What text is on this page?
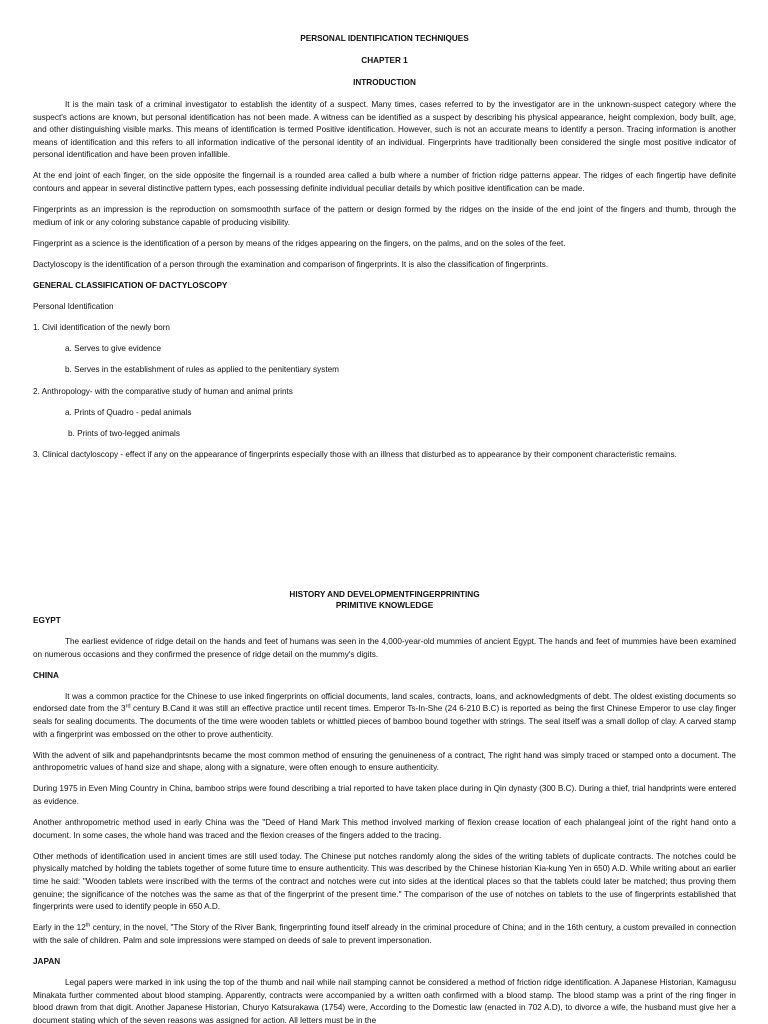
PERSONAL IDENTIFICATION TECHNIQUES
CHAPTER 1
INTRODUCTION

It is the main task of a criminal investigator to establish the identity of a suspect. Many times, cases referred to by the investigator are in the unknown-suspect category where the suspect's actions are known, but personal identification has not been made. A witness can be identified as a suspect by describing his physical appearance, height complexion, body built, age, and other distinguishing visible marks. This means of identification is termed Positive identification. However, such is not an accurate means to identify a person. Tracing information is another means of identification and this refers to all information indicative of the personal identity of an individual. Fingerprints have traditionally been considered the single most positive indicator of personal identification and have been proven infallible.

At the end joint of each finger, on the side opposite the fingernail is a rounded area called a bulb where a number of friction ridge patterns appear. The ridges of each fingertip have definite contours and appear in several distinctive pattern types, each possessing definite individual peculiar details by which positive identification can be made.

Fingerprints as an impression is the reproduction on somsmoothth surface of the pattern or design formed by the ridges on the inside of the end joint of the fingers and thumb, through the medium of ink or any coloring substance capable of producing visibility.

Fingerprint as a science is the identification of a person by means of the ridges appearing on the fingers, on the palms, and on the soles of the feet.

Dactyloscopy is the identification of a person through the examination and comparison of fingerprints. It is also the classification of fingerprints.

GENERAL CLASSIFICATION OF DACTYLOSCOPY

Personal Identification

1. Civil identification of the newly born

a. Serves to give evidence

b. Serves in the establishment of rules as applied to the penitentiary system

2. Anthropology- with the comparative study of human and animal prints

a. Prints of Quadro - pedal animals

b. Prints of two-legged animals

3. Clinical dactyloscopy - effect if any on the appearance of fingerprints especially those with an illness that disturbed as to appearance by their component characteristic remains.

HISTORY AND DEVELOPMENTFINGERPRINTING
PRIMITIVE KNOWLEDGE

EGYPT

The earliest evidence of ridge detail on the hands and feet of humans was seen in the 4,000-year-old mummies of ancient Egypt. The hands and feet of mummies have been examined on numerous occasions and they confirmed the presence of ridge detail on the mummy's digits.

CHINA

It was a common practice for the Chinese to use inked fingerprints on official documents, land scales, contracts, loans, and acknowledgments of debt. The oldest existing documents so endorsed date from the 3rd century B.Cand it was still an effective practice until recent times. Emperor Ts-In-She (24 6-210 B.C) is reported as being the first Chinese Emperor to use clay finger seals for sealing documents. The documents of the time were wooden tablets or whittled pieces of bamboo bound together with strings. The seal itself was a small dollop of clay. A carved stamp with a fingerprint was embossed on the other to prove authenticity.

With the advent of silk and papehandprintsnts became the most common method of ensuring the genuineness of a contract, The right hand was simply traced or stamped onto a document. The anthropometric values of hand size and shape, along with a signature, were often enough to ensure authenticity.

During 1975 in Even Ming Country in China, bamboo strips were found describing a trial reported to have taken place during in Qin dynasty (300 B.C). During a thief, trial handprints were entered as evidence.

Another anthropometric method used in early China was the "Deed of Hand Mark This method involved marking of flexion crease location of each phalangeal joint of the right hand onto a document. In some cases, the whole hand was traced and the flexion creases of the fingers added to the tracing.

Other methods of identification used in ancient times are still used today. The Chinese put notches randomly along the sides of the writing tablets of duplicate contracts. The notches could be physically matched by holding the tablets together of some future time to ensure authenticity. This was described by the Chinese historian Kia-kung Yen in 650) A.D. While writing about an earlier time he said: "Wooden tablets were inscribed with the terms of the contract and notches were cut into sides at the identical places so that the tablets could later be matched; thus proving them genuine; the significance of the notches was the same as that of the fingerprint of the present time." The comparison of the use of notches on tablets to the use of fingerprints established that fingerprints were used to identify people in 650 A.D.

Early in the 12th century, in the novel, "The Story of the River Bank, fingerprinting found itself already in the criminal procedure of China; and in the 16th century, a custom prevailed in connection with the sale of children. Palm and sole impressions were stamped on deeds of sale to prevent impersonation.

JAPAN

Legal papers were marked in ink using the top of the thumb and nail while nail stamping cannot be considered a method of friction ridge identification. A Japanese Historian, Kamagusu Minakata further commented about blood stamping. Apparently, contracts were accompanied by a written oath confirmed with a blood stamp. The blood stamp was a print of the ring finger in blood drawn from that digit. Another Japanese Historian, Churyo Katsurakawa (1754) were, According to the Domestic law (enacted in 702 A.D), to divorce a wife, the husband must give her a document stating which of the seven reasons was assigned for action. All letters must be in the
